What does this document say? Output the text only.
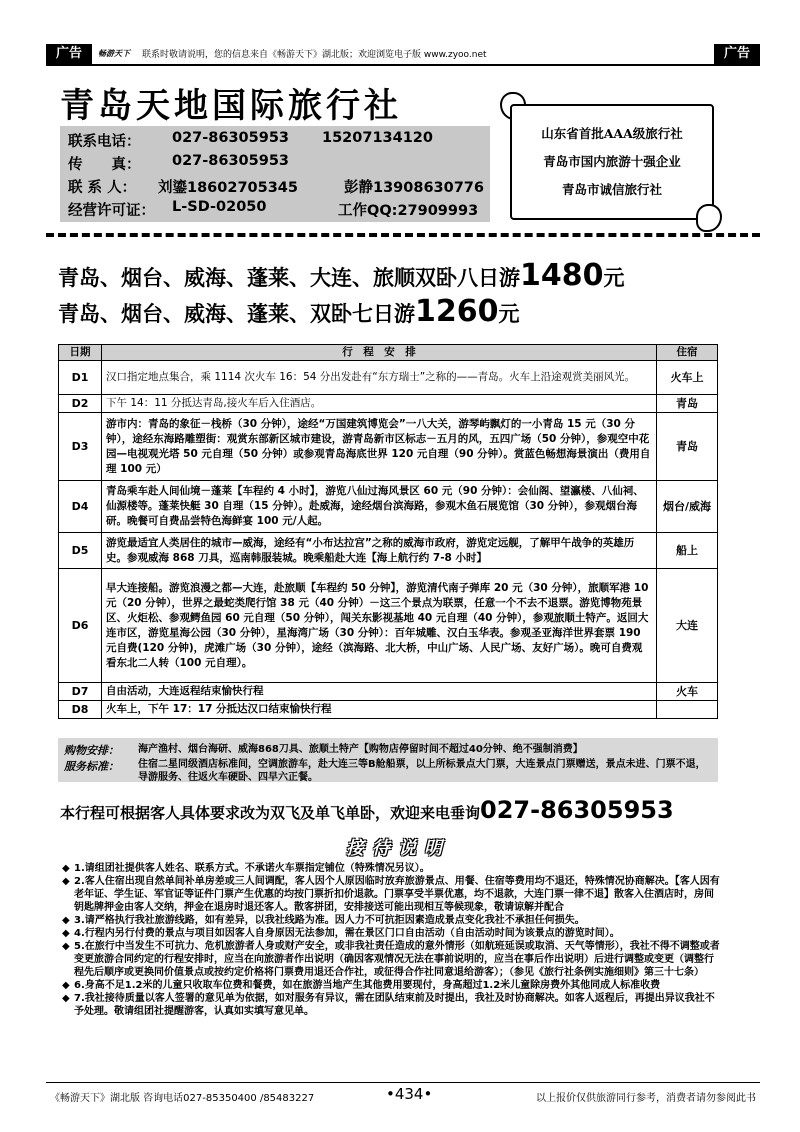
广告	畅游天下 联系时敬请说明，您的信息来自《畅游天下》湖北版；欢迎浏览电子版 www.zyoo.net	广告
青岛天地国际旅行社
联系电话： 027-86305953 15207134120
传　　真： 027-86305953
联 系 人： 刘鎏18602705345	彭静13908630776
经营许可证： L-SD-02050	工作QQ:27909993
山东省首批AAA级旅行社
青岛市国内旅游十强企业
青岛市诚信旅行社
青岛、烟台、威海、蓬莱、大连、旅顺双卧八日游1480元
青岛、烟台、威海、蓬莱、双卧七日游1260元
日期	行　程　安　排	住宿
D1	汉口指定地点集合，乘 1114 次火车 16：54 分出发赴有“东方瑞士”之称的——青岛。火车上沿途观赏美丽风光。	火车上
D2	下午 14：11 分抵达青岛,接火车后入住酒店。	青岛
D3	游市内：青岛的象征－栈桥（30 分钟），途经“万国建筑博览会”一八大关，游琴屿飘灯的一小青岛 15 元（30 分钟），途经东海路雕塑街：观赏东部新区城市建设，游青岛新市区标志－五月的风，五四广场（50 分钟），参观空中花园—电视观光塔 50 元自理（50 分钟）或参观青岛海底世界 120 元自理（90 分钟）。赏蓝色畅想海景演出（费用自理 100 元）	青岛
D4	青岛乘车赴人间仙境－蓬莱【车程约 4 小时】，游览八仙过海风景区 60 元（90 分钟）：会仙阁、望瀛楼、八仙祠、仙源楼等。蓬莱快艇 30 自理（15 分钟）。赴威海，途经烟台滨海路，参观木鱼石展览馆（30 分钟），参观烟台海研。晚餐可自费品尝特色海鲜宴 100 元/人起。	烟台/威海
D5	游览最适宜人类居住的城市—威海，途经有“小布达拉宫”之称的威海市政府，游览定远舰，了解甲午战争的英雄历史。参观威海 868 刀具，巡南韩服装城。晚乘船赴大连【海上航行约 7-8 小时】	船上
D6	早大连接船。游览浪漫之都—大连，赴旅顺【车程约 50 分钟】，游览清代南子弹库 20 元（30 分钟），旅顺军港 10 元（20 分钟），世界之最蛇类爬行馆 38 元（40 分钟）－这三个景点为联票，任意一个不去不退票。游览博物苑景区、火炬松、参观鳄鱼园 60 元自理（50 分钟），闯关东影视基地 40 元自理（40 分钟），参观旅顺土特产。返回大连市区，游览星海公园（30 分钟），星海湾广场（30 分钟）：百年城雕、汉白玉华表。参观圣亚海洋世界套票 190 元自费(120 分钟)，虎滩广场（30 分钟），途经（滨海路、北大桥，中山广场、人民广场、友好广场）。晚可自费观看东北二人转（100 元自理）。	大连
D7	自由活动，大连返程结束愉快行程	火车
D8	火车上，下午 17：17 分抵达汉口结束愉快行程	
购物安排： 海产渔村、烟台海研、威海868刀具、旅顺土特产【购物店停留时间不超过40分钟、绝不强制消费】
服务标准： 住宿二星同级酒店标准间，空调旅游车，赴大连三等B舱船票，以上所标景点大门票，大连景点门票赠送，景点未进、门票不退，导游服务、往返火车硬卧、四早六正餐。
本行程可根据客人具体要求改为双飞及单飞单卧，欢迎来电垂询027-86305953
接待说明
◆ 1.请组团社提供客人姓名、联系方式。不承诺火车票指定铺位（特殊情况另议）。
◆ 2.客人住宿出现自然单间补单房差或三人间调配，客人因个人原因临时放弃旅游景点、用餐、住宿等费用均不退还，特殊情况协商解决。【客人因有老年证、学生证、军官证等证件门票产生优惠的均按门票折扣价退款。门票享受半票优惠，均不退款，大连门票一律不退】散客入住酒店时，房间钥匙牌押金由客人交纳，押金在退房时退还客人。散客拼团，安排接送可能出现相互等候现象，敬请谅解并配合
◆ 3.请严格执行我社旅游线路，如有差异，以我社线路为准。因人力不可抗拒因素造成景点变化我社不承担任何损失。
◆ 4.行程内另行付费的景点与项目如因客人自身原因无法参加，需在景区门口自由活动（自由活动时间为该景点的游览时间）。
◆ 5.在旅行中当发生不可抗力、危机旅游者人身或财产安全，或非我社责任造成的意外情形（如航班延误或取消、天气等情形），我社不得不调整或者变更旅游合同约定的行程安排时，应当在向旅游者作出说明（确因客观情况无法在事前说明的，应当在事后作出说明）后进行调整或变更（调整行程先后顺序或更换同价值景点或按约定价格将门票费用退还合作社，或征得合作社同意退给游客）；（参见《旅行社条例实施细则》第三十七条）
◆ 6.身高不足1.2米的儿童只收取车位费和餐费，如在旅游当地产生其他费用要现付，身高超过1.2米儿童除房费外其他同成人标准收费
◆ 7.我社接待质量以客人签署的意见单为依据，如对服务有异议，需在团队结束前及时提出，我社及时协商解决。如客人返程后，再提出异议我社不予处理。敬请组团社提醒游客，认真如实填写意见单。
《畅游天下》湖北版 咨询电话027-85350400 /85483227	•434•	以上报价仅供旅游同行参考，消费者请勿参阅此书
